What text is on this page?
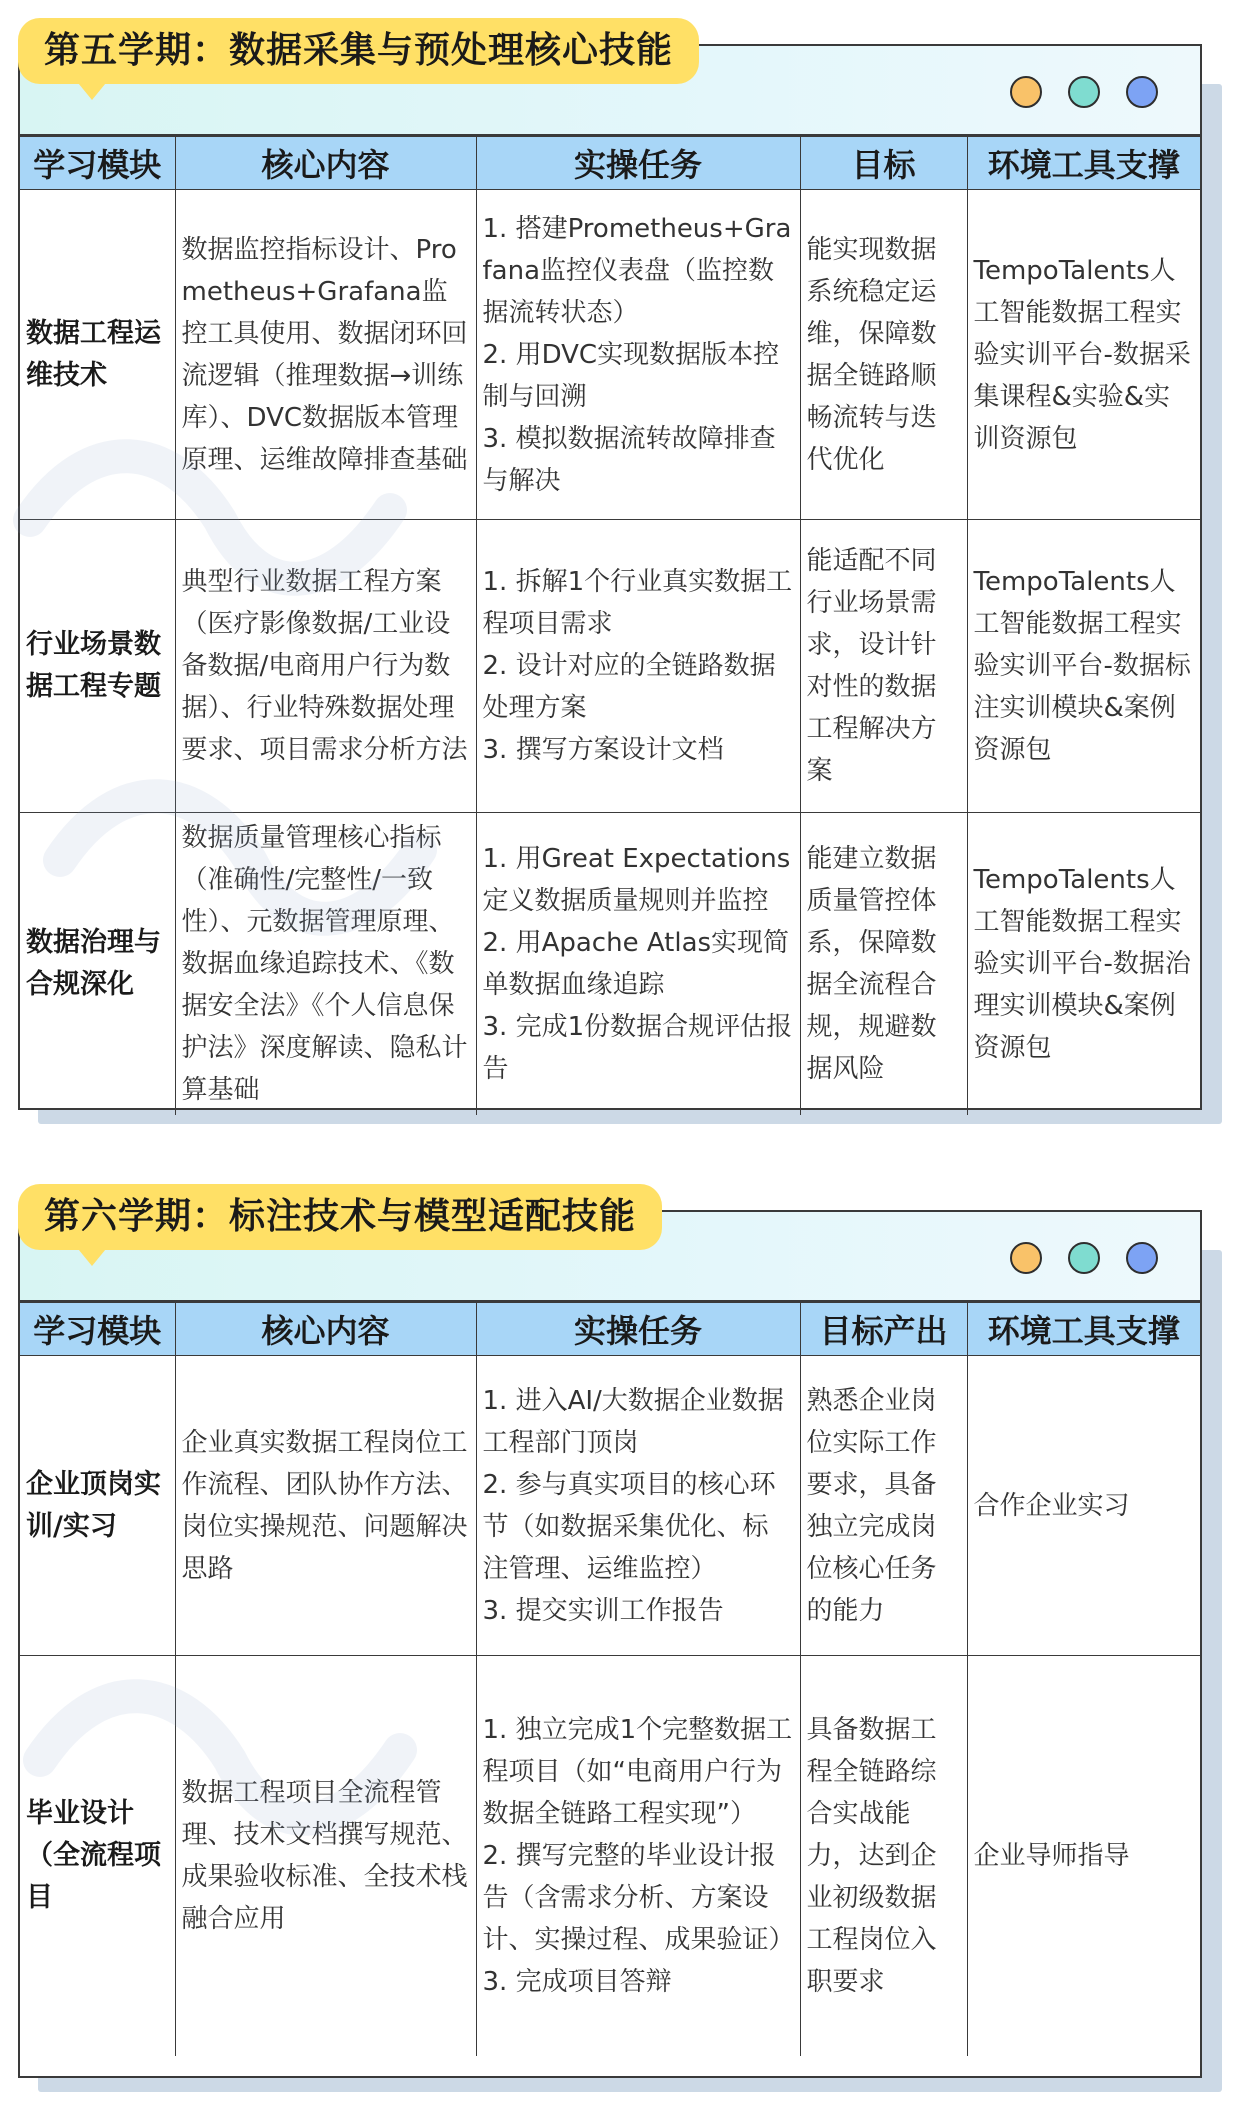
第五学期：数据采集与预处理核心技能
学习模块	核心内容	实操任务	目标	环境工具支撑
数据工程运维技术	数据监控指标设计、Prometheus+Grafana监控工具使用、数据闭环回流逻辑（推理数据→训练库）、DVC数据版本管理原理、运维故障排查基础	1. 搭建Prometheus+Grafana监控仪表盘（监控数据流转状态）
2. 用DVC实现数据版本控制与回溯
3. 模拟数据流转故障排查与解决	能实现数据系统稳定运维，保障数据全链路顺畅流转与迭代优化	TempoTalents人工智能数据工程实验实训平台-数据采集课程&实验&实训资源包
行业场景数据工程专题	典型行业数据工程方案（医疗影像数据/工业设备数据/电商用户行为数据）、行业特殊数据处理要求、项目需求分析方法	1. 拆解1个行业真实数据工程项目需求
2. 设计对应的全链路数据处理方案
3. 撰写方案设计文档	能适配不同行业场景需求，设计针对性的数据工程解决方案	TempoTalents人工智能数据工程实验实训平台-数据标注实训模块&案例资源包
数据治理与合规深化	数据质量管理核心指标（准确性/完整性/一致性）、元数据管理原理、数据血缘追踪技术、《数据安全法》《个人信息保护法》深度解读、隐私计算基础	1. 用Great Expectations定义数据质量规则并监控
2. 用Apache Atlas实现简单数据血缘追踪
3. 完成1份数据合规评估报告	能建立数据质量管控体系，保障数据全流程合规，规避数据风险	TempoTalents人工智能数据工程实验实训平台-数据治理实训模块&案例资源包
第六学期：标注技术与模型适配技能
学习模块	核心内容	实操任务	目标产出	环境工具支撑
企业顶岗实训/实习	企业真实数据工程岗位工作流程、团队协作方法、岗位实操规范、问题解决思路	1. 进入AI/大数据企业数据工程部门顶岗
2. 参与真实项目的核心环节（如数据采集优化、标注管理、运维监控）
3. 提交实训工作报告	熟悉企业岗位实际工作要求，具备独立完成岗位核心任务的能力	合作企业实习
毕业设计（全流程项目	数据工程项目全流程管理、技术文档撰写规范、成果验收标准、全技术栈融合应用	1. 独立完成1个完整数据工程项目（如“电商用户行为数据全链路工程实现”）
2. 撰写完整的毕业设计报告（含需求分析、方案设计、实操过程、成果验证）
3. 完成项目答辩	具备数据工程全链路综合实战能力，达到企业初级数据工程岗位入职要求	企业导师指导
